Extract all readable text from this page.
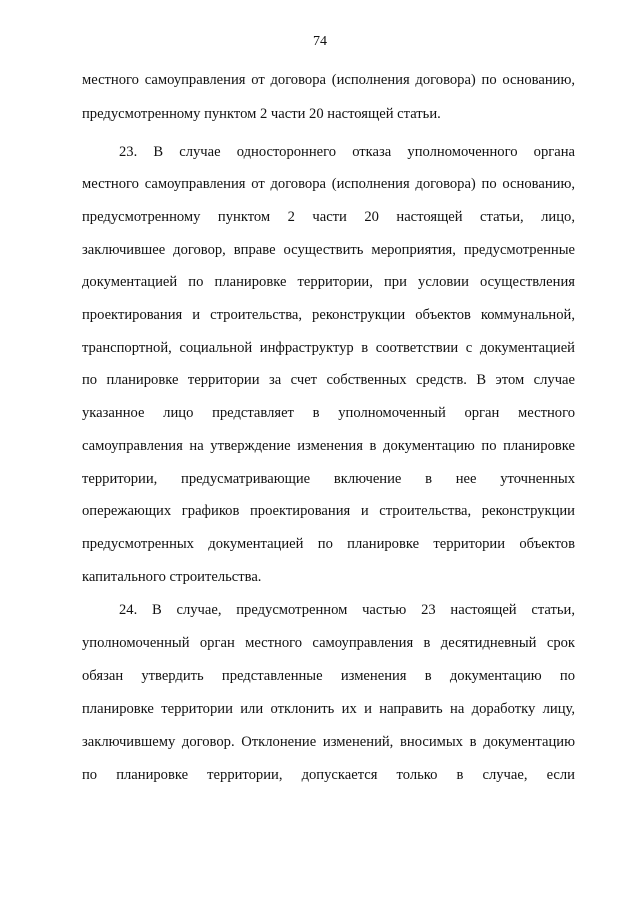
74
местного самоуправления от договора (исполнения договора) по основанию,
предусмотренному пунктом 2 части 20 настоящей статьи.
23. В случае одностороннего отказа уполномоченного органа
местного самоуправления от договора (исполнения договора) по основанию,
предусмотренному пунктом 2 части 20 настоящей статьи, лицо,
заключившее договор, вправе осуществить мероприятия, предусмотренные
документацией по планировке территории, при условии осуществления
проектирования и строительства, реконструкции объектов коммунальной,
транспортной, социальной инфраструктур в соответствии с документацией
по планировке территории за счет собственных средств. В этом случае
указанное лицо представляет в уполномоченный орган местного
самоуправления на утверждение изменения в документацию по планировке
территории, предусматривающие включение в нее уточненных
опережающих графиков проектирования и строительства, реконструкции
предусмотренных документацией по планировке территории объектов
капитального строительства.
24. В случае, предусмотренном частью 23 настоящей статьи,
уполномоченный орган местного самоуправления в десятидневный срок
обязан утвердить представленные изменения в документацию по
планировке территории или отклонить их и направить на доработку лицу,
заключившему договор. Отклонение изменений, вносимых в документацию
по планировке территории, допускается только в случае, если
